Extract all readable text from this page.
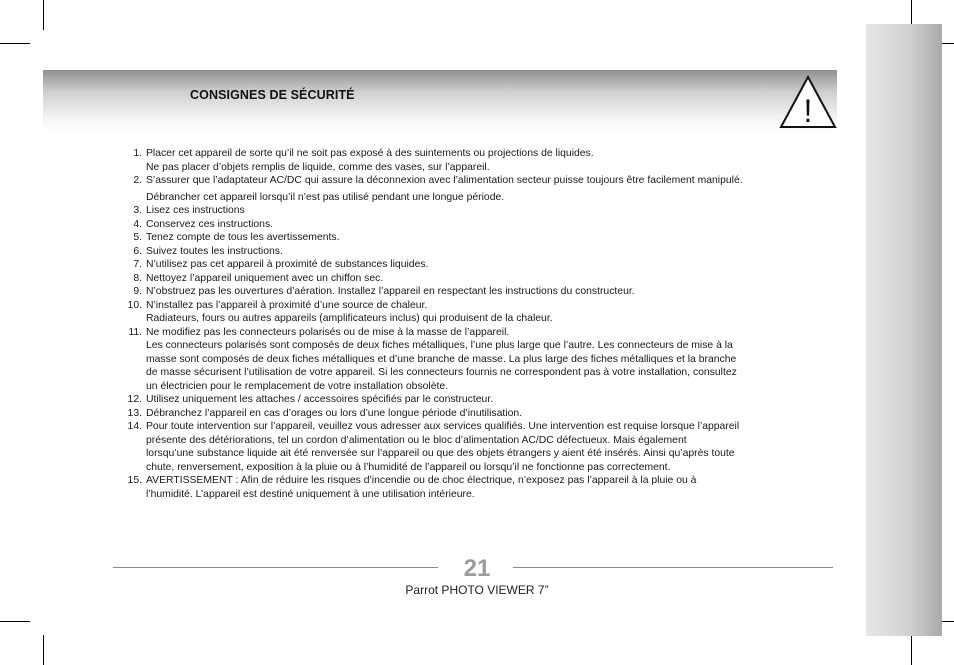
CONSIGNES DE SÉCURITÉ	!
1. Placer cet appareil de sorte qu’il ne soit pas exposé à des suintements ou projections de liquides.
Ne pas placer d’objets remplis de liquide, comme des vases, sur l’appareil.
2. S’assurer que l’adaptateur AC/DC qui assure la déconnexion avec l’alimentation secteur puisse toujours être facilement manipulé.
Débrancher cet appareil lorsqu’il n’est pas utilisé pendant une longue période.
3. Lisez ces instructions
4. Conservez ces instructions.
5. Tenez compte de tous les avertissements.
6. Suivez toutes les instructions.
7. N’utilisez pas cet appareil à proximité de substances liquides.
8. Nettoyez l’appareil uniquement avec un chiffon sec.
9. N’obstruez pas les ouvertures d’aération. Installez l’appareil en respectant les instructions du constructeur.
10. N’installez pas l’appareil à proximité d’une source de chaleur.
Radiateurs, fours ou autres appareils (amplificateurs inclus) qui produisent de la chaleur.
11. Ne modifiez pas les connecteurs polarisés ou de mise à la masse de l’appareil.
Les connecteurs polarisés sont composés de deux fiches métalliques, l’une plus large que l’autre. Les connecteurs de mise à la
masse sont composés de deux fiches métalliques et d’une branche de masse. La plus large des fiches métalliques et la branche
de masse sécurisent l’utilisation de votre appareil. Si les connecteurs fournis ne correspondent pas à votre installation, consultez
un électricien pour le remplacement de votre installation obsolète.
12. Utilisez uniquement les attaches / accessoires spécifiés par le constructeur.
13. Débranchez l’appareil en cas d’orages ou lors d’une longue période d’inutilisation.
14. Pour toute intervention sur l’appareil, veuillez vous adresser aux services qualifiés. Une intervention est requise lorsque l’appareil
présente des détériorations, tel un cordon d’alimentation ou le bloc d’alimentation AC/DC défectueux. Mais également
lorsqu’une substance liquide ait été renversée sur l’appareil ou que des objets étrangers y aient été insérés. Ainsi qu’après toute
chute, renversement, exposition à la pluie ou à l’humidité de l’appareil ou lorsqu’il ne fonctionne pas correctement.
15. AVERTISSEMENT : Afin de réduire les risques d’incendie ou de choc électrique, n’exposez pas l’appareil à la pluie ou à
l’humidité. L’appareil est destiné uniquement à une utilisation intérieure.
21
Parrot PHOTO VIEWER 7”
